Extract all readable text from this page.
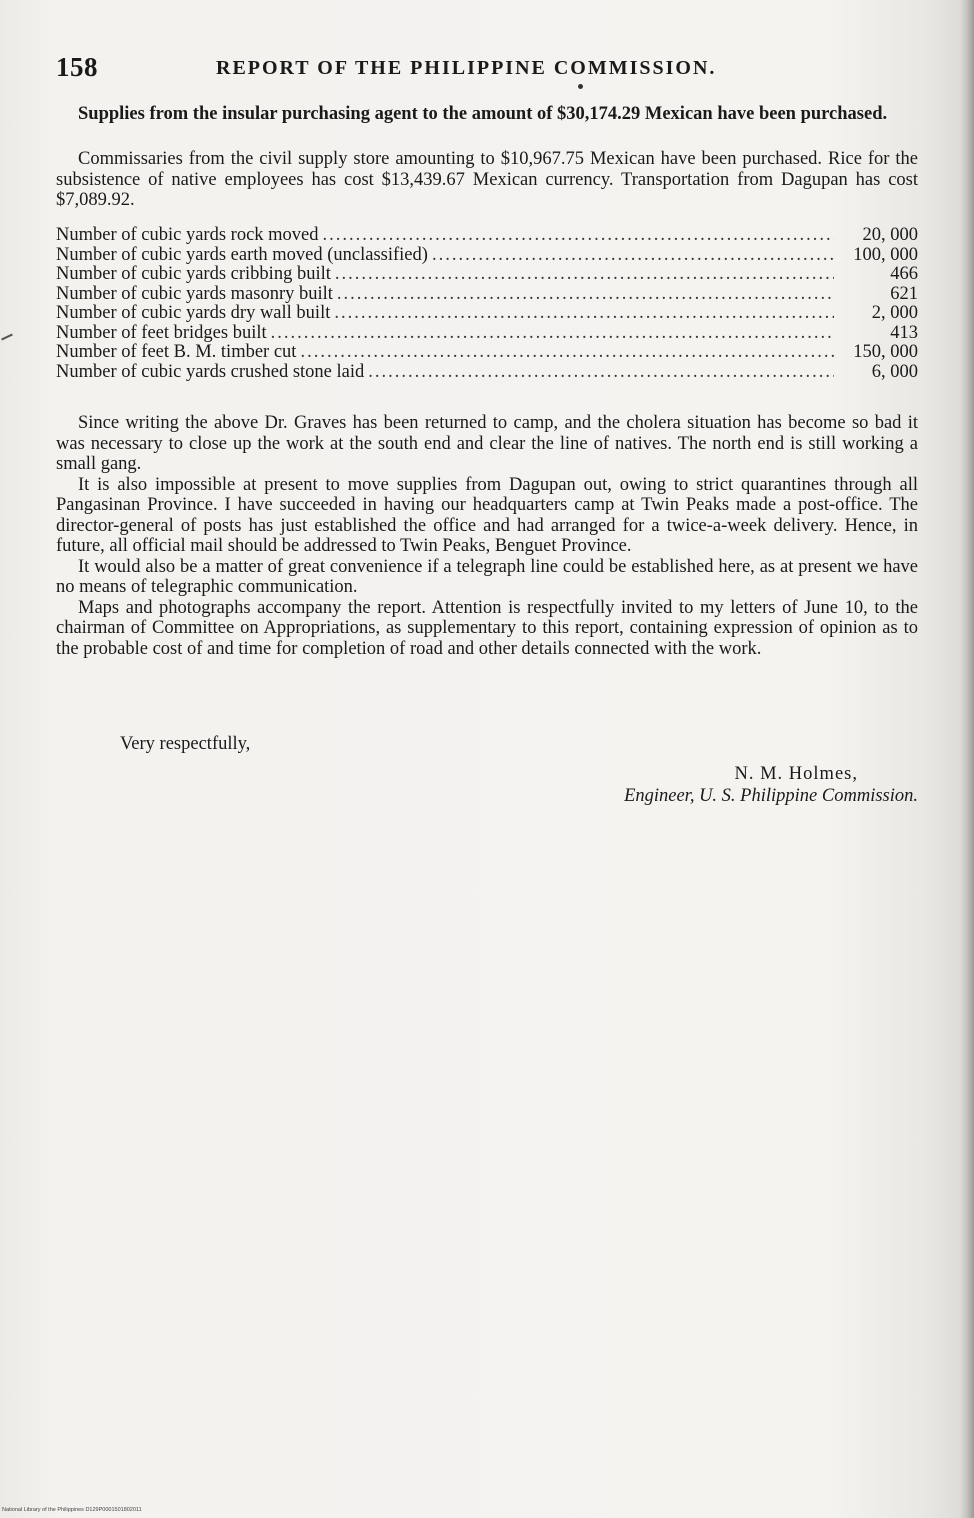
158	REPORT OF THE PHILIPPINE COMMISSION.

Supplies from the insular purchasing agent to the amount of $30,174.29 Mexican have been purchased.

Commissaries from the civil supply store amounting to $10,967.75 Mexican have been purchased. Rice for the subsistence of native employees has cost $13,439.67 Mexican currency. Transportation from Dagupan has cost $7,089.92.

Number of cubic yards rock moved .....	20, 000
Number of cubic yards earth moved (unclassified) .....	100, 000
Number of cubic yards cribbing built .....	466
Number of cubic yards masonry built .....	621
Number of cubic yards dry wall built .....	2, 000
Number of feet bridges built .....	413
Number of feet B. M. timber cut .....	150, 000
Number of cubic yards crushed stone laid .....	6, 000

Since writing the above Dr. Graves has been returned to camp, and the cholera situation has become so bad it was necessary to close up the work at the south end and clear the line of natives. The north end is still working a small gang.

It is also impossible at present to move supplies from Dagupan out, owing to strict quarantines through all Pangasinan Province. I have succeeded in having our headquarters camp at Twin Peaks made a post-office. The director-general of posts has just established the office and had arranged for a twice-a-week delivery. Hence, in future, all official mail should be addressed to Twin Peaks, Benguet Province.

It would also be a matter of great convenience if a telegraph line could be established here, as at present we have no means of telegraphic communication.

Maps and photographs accompany the report. Attention is respectfully invited to my letters of June 10, to the chairman of Committee on Appropriations, as supplementary to this report, containing expression of opinion as to the probable cost of and time for completion of road and other details connected with the work.

Very respectfully,

N. M. Holmes,

Engineer, U. S. Philippine Commission.

National Library of the Philippines D129P0001501802011
